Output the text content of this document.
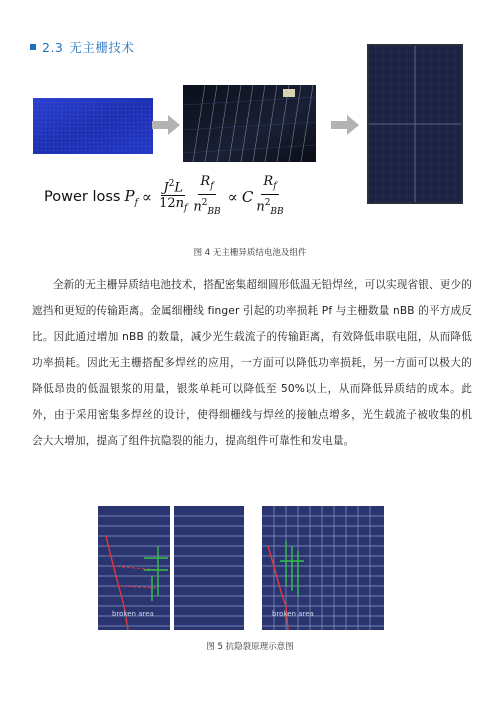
2.3 无主栅技术
Power loss $P_f \propto \frac{J^2L}{12n_f} \frac{R_f}{n^2_{BB}} \propto C \frac{R_f}{n^2_{BB}}$
图 4 无主栅异质结电池及组件
全新的无主栅异质结电池技术，搭配密集超细圆形低温无铅焊丝，可以实现省银、更少的遮挡和更短的传输距离。金属细栅线 finger 引起的功率损耗 Pf 与主栅数量 nBB 的平方成反比。因此通过增加 nBB 的数量，减少光生载流子的传输距离，有效降低串联电阻，从而降低功率损耗。因此无主栅搭配多焊丝的应用，一方面可以降低功率损耗，另一方面可以极大的降低昂贵的低温银浆的用量，银浆单耗可以降低至 50%以上，从而降低异质结的成本。此外，由于采用密集多焊丝的设计，使得细栅线与焊丝的接触点增多，光生载流子被收集的机会大大增加，提高了组件抗隐裂的能力，提高组件可靠性和发电量。
broken area	broken area
图 5 抗隐裂原理示意图
